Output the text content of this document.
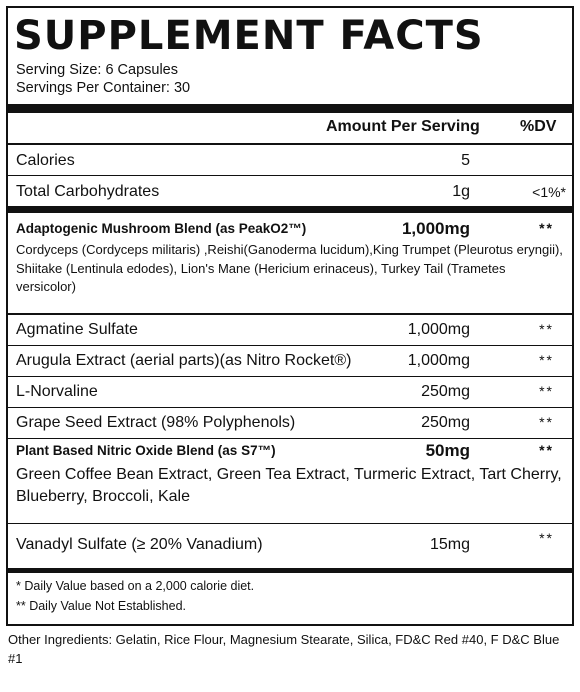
SUPPLEMENT FACTS
Serving Size: 6 Capsules
Servings Per Container: 30
Amount Per Serving	%DV
Calories	5
Total Carbohydrates	1g	<1%*
Adaptogenic Mushroom Blend (as PeakO2™)	1,000mg	**
Cordyceps (Cordyceps militaris) ,Reishi(Ganoderma lucidum),King Trumpet (Pleurotus eryngii), Shiitake (Lentinula edodes), Lion's Mane (Hericium erinaceus), Turkey Tail (Trametes versicolor)
Agmatine Sulfate	1,000mg	**
Arugula Extract (aerial parts)(as Nitro Rocket®)	1,000mg	**
L-Norvaline	250mg	**
Grape Seed Extract (98% Polyphenols)	250mg	**
Plant Based Nitric Oxide Blend (as S7™)	50mg	**
Green Coffee Bean Extract, Green Tea Extract, Turmeric Extract, Tart Cherry, Blueberry, Broccoli, Kale
Vanadyl Sulfate (≥ 20% Vanadium)	15mg	**
* Daily Value based on a 2,000 calorie diet.
** Daily Value Not Established.
Other Ingredients: Gelatin, Rice Flour, Magnesium Stearate, Silica, FD&C Red #40, F D&C Blue #1
